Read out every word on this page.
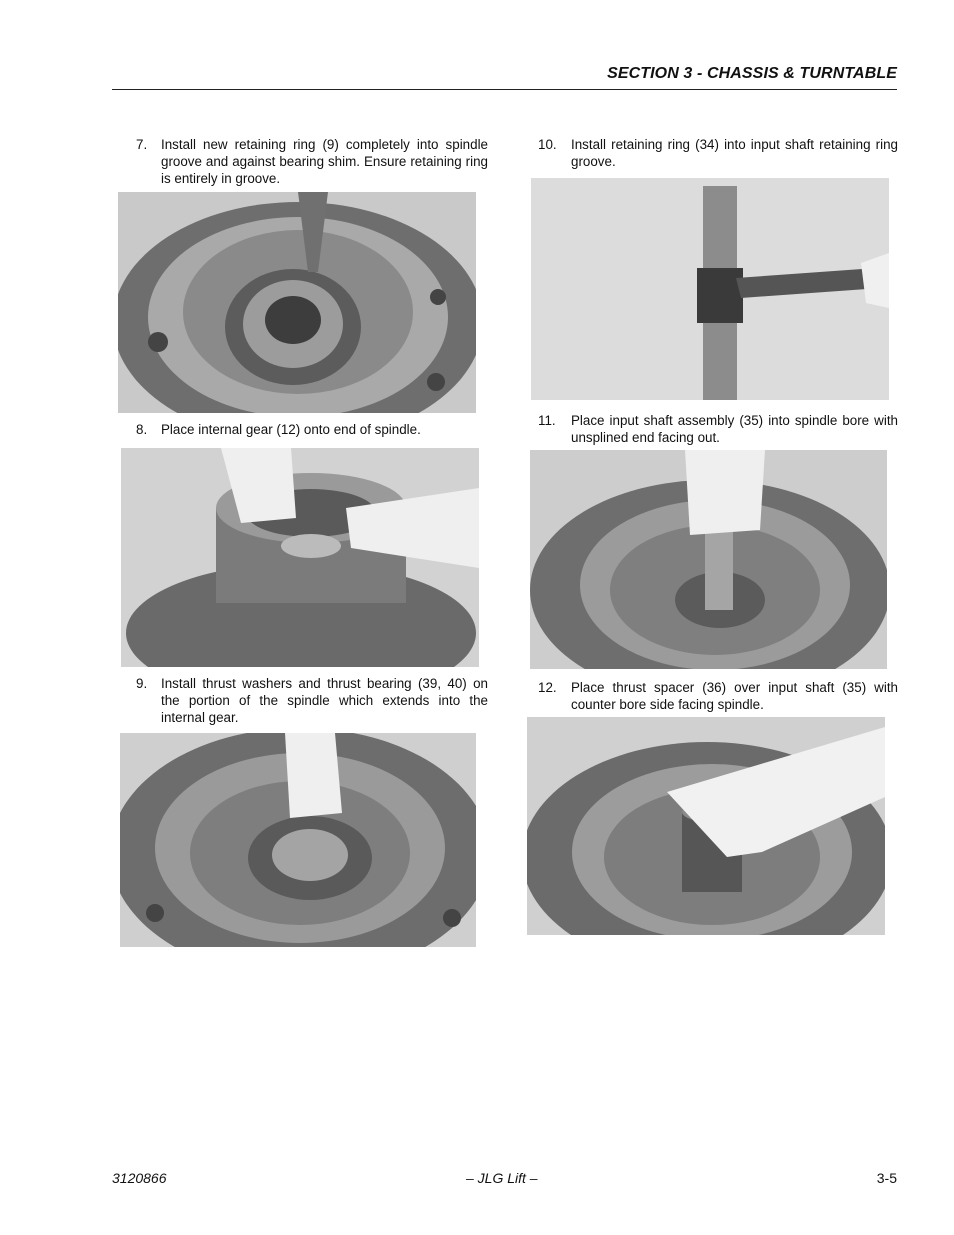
SECTION 3 - CHASSIS & TURNTABLE
7. Install new retaining ring (9) completely into spindle groove and against bearing shim. Ensure retaining ring is entirely in groove.
8. Place internal gear (12) onto end of spindle.
9. Install thrust washers and thrust bearing (39, 40) on the portion of the spindle which extends into the internal gear.
10. Install retaining ring (34) into input shaft retaining ring groove.
11. Place input shaft assembly (35) into spindle bore with unsplined end facing out.
12. Place thrust spacer (36) over input shaft (35) with counter bore side facing spindle.
3120866	– JLG Lift –	3-5
